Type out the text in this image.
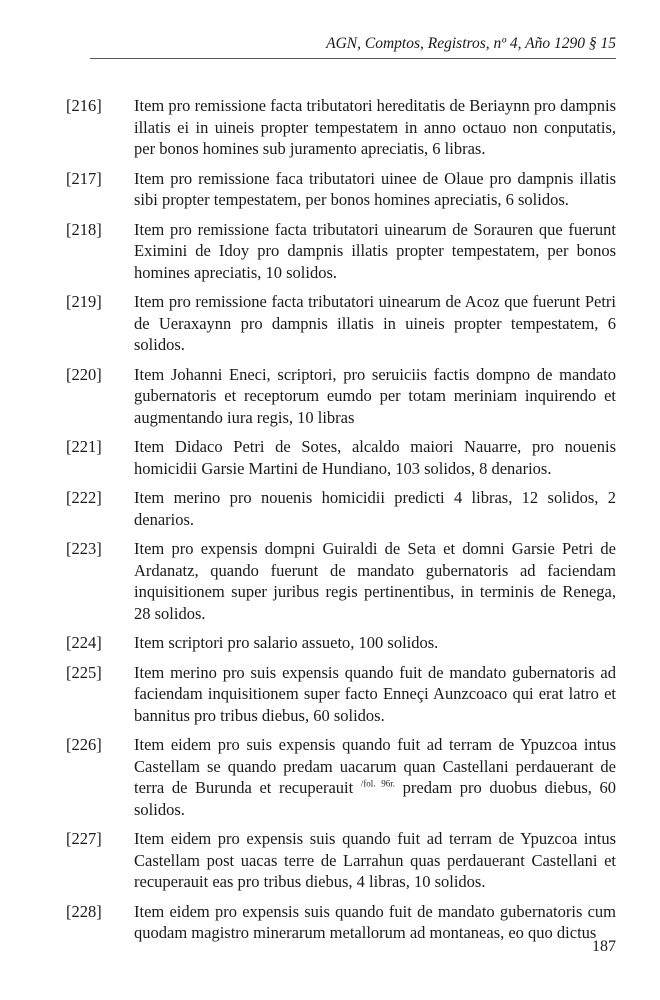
AGN, Comptos, Registros, nº 4, Año 1290 § 15
[216]	Item pro remissione facta tributatori hereditatis de Beriaynn pro dampnis illatis ei in uineis propter tempestatem in anno octauo non conputatis, per bonos homines sub juramento apreciatis, 6 libras.
[217]	Item pro remissione faca tributatori uinee de Olaue pro dampnis illatis sibi propter tempestatem, per bonos homines apreciatis, 6 solidos.
[218]	Item pro remissione facta tributatori uinearum de Sorauren que fuerunt Eximini de Idoy pro dampnis illatis propter tempestatem, per bonos homines apreciatis, 10 solidos.
[219]	Item pro remissione facta tributatori uinearum de Acoz que fuerunt Petri de Ueraxaynn pro dampnis illatis in uineis propter tempestatem, 6 solidos.
[220]	Item Johanni Eneci, scriptori, pro seruiciis factis dompno de mandato gubernatoris et receptorum eumdo per totam meriniam inquirendo et augmentando iura regis, 10 libras
[221]	Item Didaco Petri de Sotes, alcaldo maiori Nauarre, pro nouenis homicidii Garsie Martini de Hundiano, 103 solidos, 8 denarios.
[222]	Item merino pro nouenis homicidii predicti 4 libras, 12 solidos, 2 denarios.
[223]	Item pro expensis dompni Guiraldi de Seta et domni Garsie Petri de Ardanatz, quando fuerunt de mandato gubernatoris ad faciendam inquisitionem super juribus regis pertinentibus, in terminis de Renega, 28 solidos.
[224]	Item scriptori pro salario assueto, 100 solidos.
[225]	Item merino pro suis expensis quando fuit de mandato gubernatoris ad faciendam inquisitionem super facto Enneçi Aunzcoaco qui erat latro et bannitus pro tribus diebus, 60 solidos.
[226]	Item eidem pro suis expensis quando fuit ad terram de Ypuzcoa intus Castellam se quando predam uacarum quan Castellani perdauerant de terra de Burunda et recuperauit $^{/fol. 96r.}$ predam pro duobus diebus, 60 solidos.
[227]	Item eidem pro expensis suis quando fuit ad terram de Ypuzcoa intus Castellam post uacas terre de Larrahun quas perdauerant Castellani et recuperauit eas pro tribus diebus, 4 libras, 10 solidos.
[228]	Item eidem pro expensis suis quando fuit de mandato gubernatoris cum quodam magistro minerarum metallorum ad montaneas, eo quo dictus
187
